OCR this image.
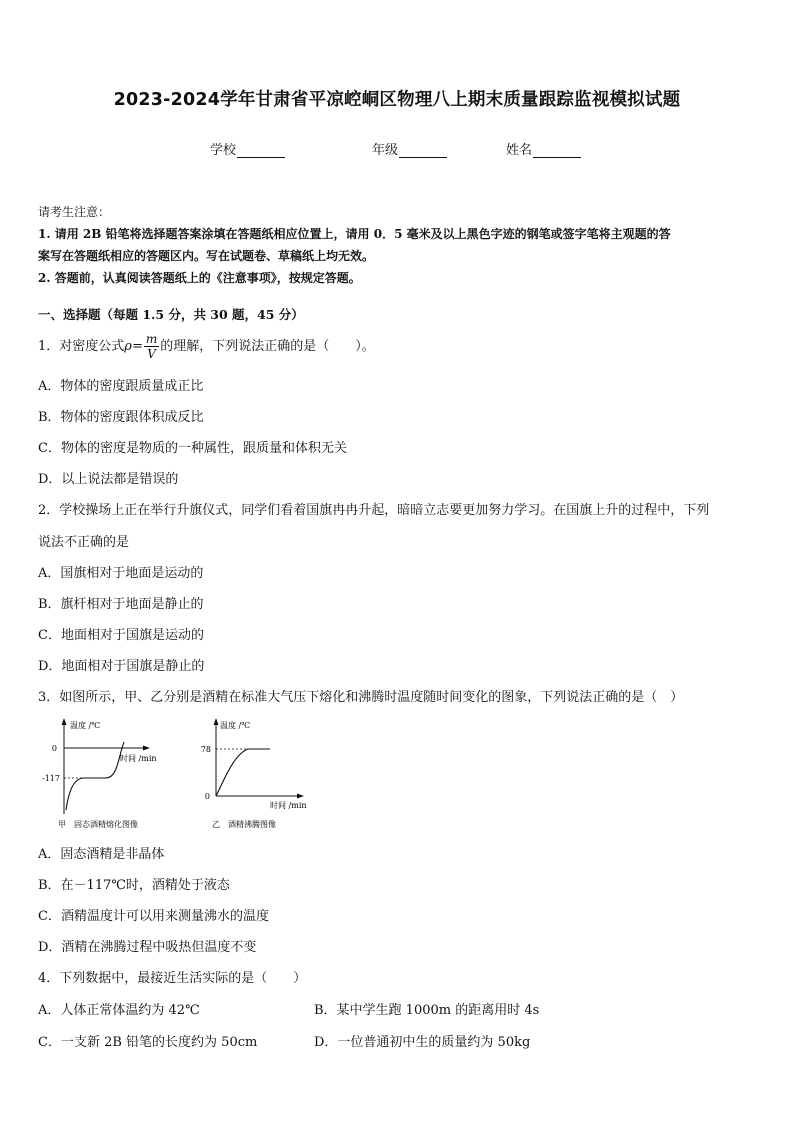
2023-2024学年甘肃省平凉崆峒区物理八上期末质量跟踪监视模拟试题
学校	年级	姓名
请考生注意：
1. 请用 2B 铅笔将选择题答案涂填在答题纸相应位置上，请用 0．5 毫米及以上黑色字迹的钢笔或签字笔将主观题的答
案写在答题纸相应的答题区内。写在试题卷、草稿纸上均无效。
2. 答题前，认真阅读答题纸上的《注意事项》，按规定答题。
一、选择题（每题 1.5 分，共 30 题，45 分）
1．对密度公式$\rho= \frac{m}{V}$ 的理解，下列说法正确的是（　　）。
A．物体的密度跟质量成正比
B．物体的密度跟体积成反比
C．物体的密度是物质的一种属性，跟质量和体积无关
D．以上说法都是错误的
2．学校操场上正在举行升旗仪式，同学们看着国旗冉冉升起，暗暗立志要更加努力学习。在国旗上升的过程中，下列
说法不正确的是
A．国旗相对于地面是运动的
B．旗杆相对于地面是静止的
C．地面相对于国旗是运动的
D．地面相对于国旗是静止的
3．如图所示，甲、乙分别是酒精在标准大气压下熔化和沸腾时温度随时间变化的图象，下列说法正确的是（　）
0
-117
温度 /℃
时间 /min
甲　固态酒精熔化图像
78
0
温度 /℃
时间 /min
乙　酒精沸腾图像
A．固态酒精是非晶体
B．在－117℃时，酒精处于液态
C．酒精温度计可以用来测量沸水的温度
D．酒精在沸腾过程中吸热但温度不变
4．下列数据中，最接近生活实际的是（　　）
A．人体正常体温约为 42℃	B．某中学生跑 1000m 的距离用时 4s
C．一支新 2B 铅笔的长度约为 50cm	D．一位普通初中生的质量约为 50kg
